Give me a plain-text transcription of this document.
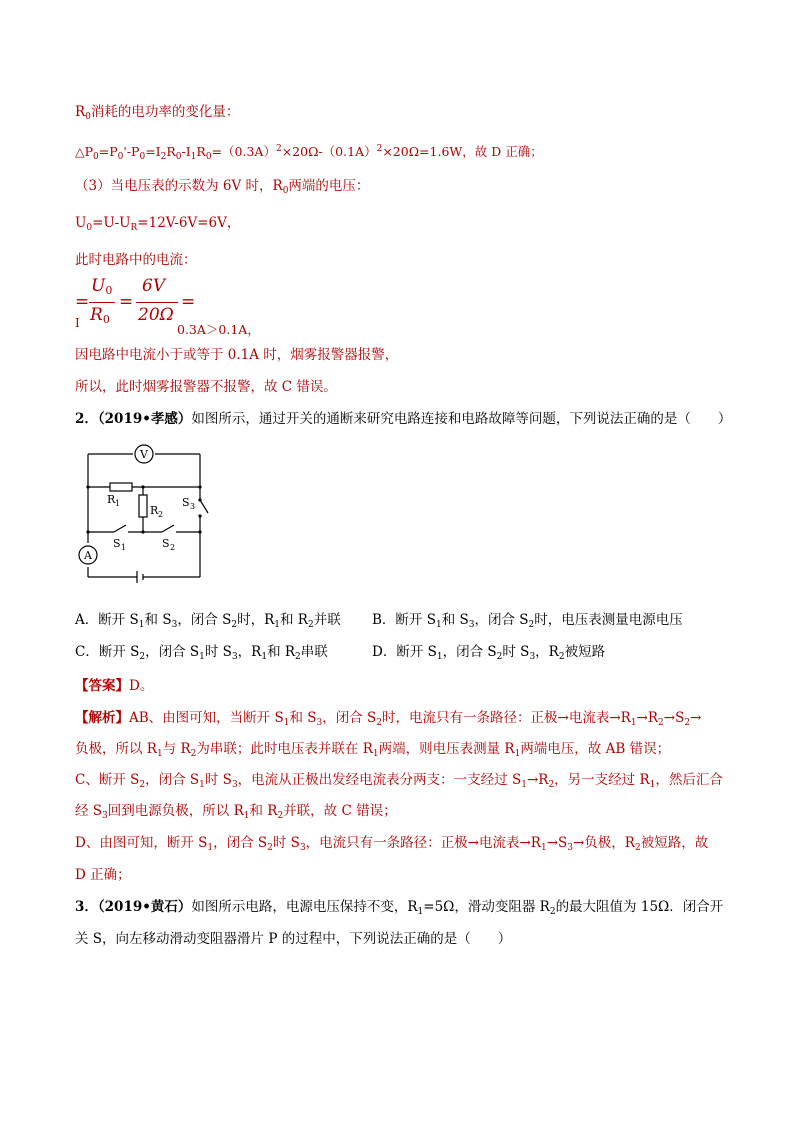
$R_0$消耗的电功率的变化量：
$\triangle P_0=P_0'-P_0=I_2R_0-I_1R_0=(0.3A)^2\times 20\Omega-(0.1A)^2\times 20\Omega=1.6W$，故 D 正确；
（3）当电压表的示数为 6V 时，$R_0$两端的电压：
$U_0=U-U_R=12V-6V=6V$，
此时电路中的电流：
I
=
U0
R0
=
6V
20Ω
=
0.3A＞0.1A，
因电路中电流小于或等于 0.1A 时，烟雾报警器报警，
所以，此时烟雾报警器不报警，故 C 错误。
2．（2019•孝感）如图所示，通过开关的通断来研究电路连接和电路故障等问题，下列说法正确的是（　　）
V
A
R 1
R 2
S 1	S 2
S 3
A．断开 $S_1$和 $S_3$，闭合 $S_2$时，$R_1$和 $R_2$并联 B．断开 $S_1$和 $S_3$，闭合 $S_2$时，电压表测量电源电压
C．断开 $S_2$，闭合 $S_1$时 $S_3$，$R_1$和 $R_2$串联	D．断开 $S_1$，闭合 $S_2$时 $S_3$，$R_2$被短路
【答案】D。
【解析】AB、由图可知，当断开 $S_1$和 $S_3$，闭合 $S_2$时，电流只有一条路径：正极→电流表$\to R_1\to R_2\to S_2\to$
负极，所以 $R_1$与 $R_2$为串联；此时电压表并联在 $R_1$两端，则电压表测量 $R_1$两端电压，故 AB 错误；
C、断开 $S_2$，闭合 $S_1$时 $S_3$，电流从正极出发经电流表分两支：一支经过 $S_1\to R_2$，另一支经过 $R_1$，然后汇合
经 $S_3$回到电源负极，所以 $R_1$和 $R_2$并联，故 C 错误；
D、由图可知，断开 $S_1$，闭合 $S_2$时 $S_3$，电流只有一条路径：正极→电流表$\to R_1\to S_3\to$负极，$R_2$被短路，故
D 正确；
3．（2019•黄石）如图所示电路，电源电压保持不变，$R_1=5\Omega$，滑动变阻器 $R_2$的最大阻值为 15Ω．闭合开
关 S，向左移动滑动变阻器滑片 P 的过程中，下列说法正确的是（　　）
